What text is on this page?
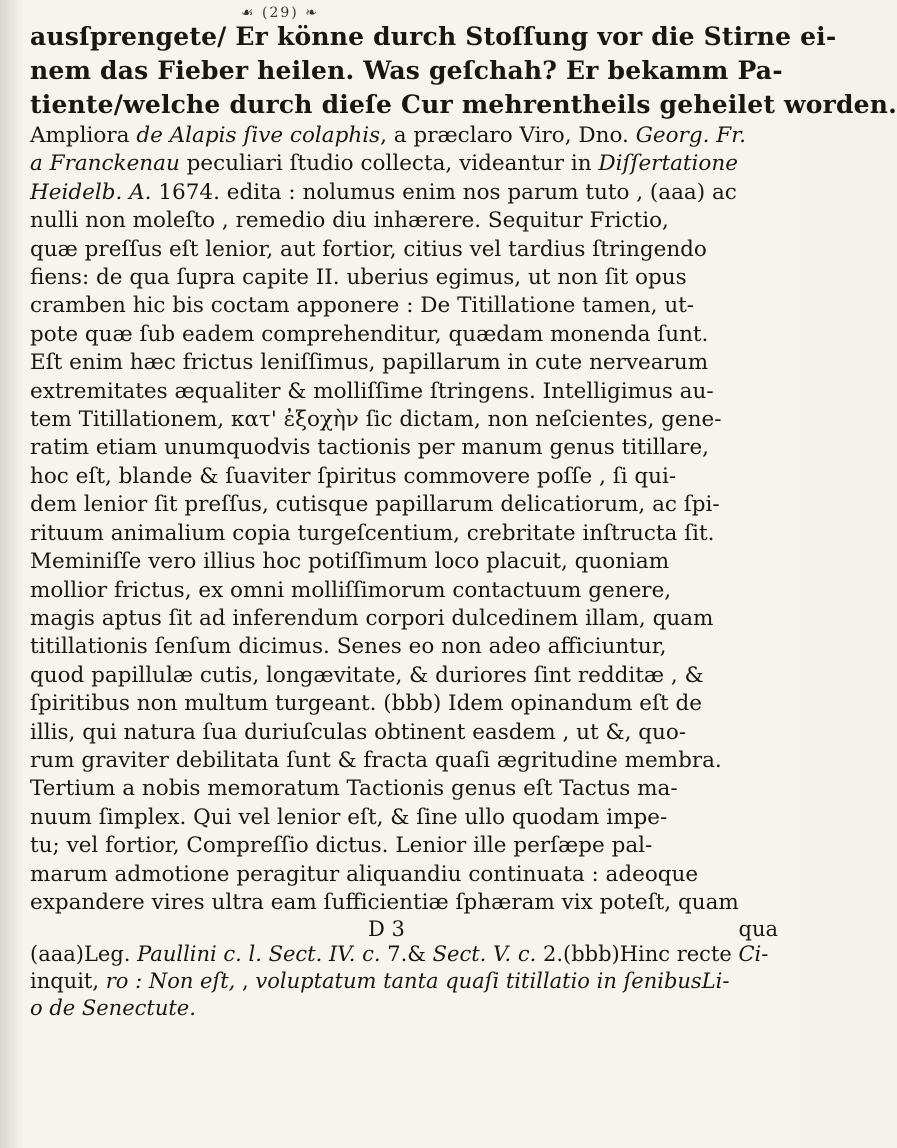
☙ (29) ❧
ausſprengete/ Er könne durch Stoſſung vor die Stirne ei-
nem das Fieber heilen. Was geſchah? Er bekamm Pa-
tiente/welche durch dieſe Cur mehrentheils geheilet worden.
Ampliora de Alapis ſive colaphis, a præclaro Viro, Dno. Georg. Fr.
a Franckenau peculiari ſtudio collecta, videantur in Diſſertatione
Heidelb. A. 1674. edita : nolumus enim nos parum tuto , (aaa) ac
nulli non moleſto , remedio diu inhærere. Sequitur Frictio,
quæ preſſus eſt lenior, aut fortior, citius vel tardius ſtringendo
fiens: de qua ſupra capite II. uberius egimus, ut non ſit opus
cramben hic bis coctam apponere : De Titillatione tamen, ut-
pote quæ ſub eadem comprehenditur, quædam monenda ſunt.
Eſt enim hæc frictus leniſſimus, papillarum in cute nervearum
extremitates æqualiter & molliſſime ſtringens. Intelligimus au-
tem Titillationem, κατ' ἐξοχὴν ſic dictam, non neſcientes, gene-
ratim etiam unumquodvis tactionis per manum genus titillare,
hoc eſt, blande & ſuaviter ſpiritus commovere poſſe , ſi qui-
dem lenior ſit preſſus, cutisque papillarum delicatiorum, ac ſpi-
rituum animalium copia turgeſcentium, crebritate inſtructa ſit.
Meminiſſe vero illius hoc potiſſimum loco placuit, quoniam
mollior frictus, ex omni molliſſimorum contactuum genere,
magis aptus ſit ad inferendum corpori dulcedinem illam, quam
titillationis ſenſum dicimus. Senes eo non adeo afficiuntur,
quod papillulæ cutis, longævitate, & duriores ſint redditæ , &
ſpiritibus non multum turgeant. (bbb) Idem opinandum eſt de
illis, qui natura ſua duriuſculas obtinent easdem , ut &, quo-
rum graviter debilitata ſunt & fracta quaſi ægritudine membra.
Tertium a nobis memoratum Tactionis genus eſt Tactus ma-
nuum ſimplex. Qui vel lenior eſt, & ſine ullo quodam impe-
tu; vel fortior, Compreſſio dictus. Lenior ille perſæpe pal-
marum admotione peragitur aliquandiu continuata : adeoque
expandere vires ultra eam ſufficientiæ ſphæram vix poteſt, quam
D 3	qua
(aaa)Leg. Paullini c. l. Sect. IV. c. 7.& Sect. V. c. 2.(bbb)Hinc recte Ci-
inquit, ro : Non eſt, , voluptatum tanta quaſi titillatio in ſenibusLi-
o de Senectute.
